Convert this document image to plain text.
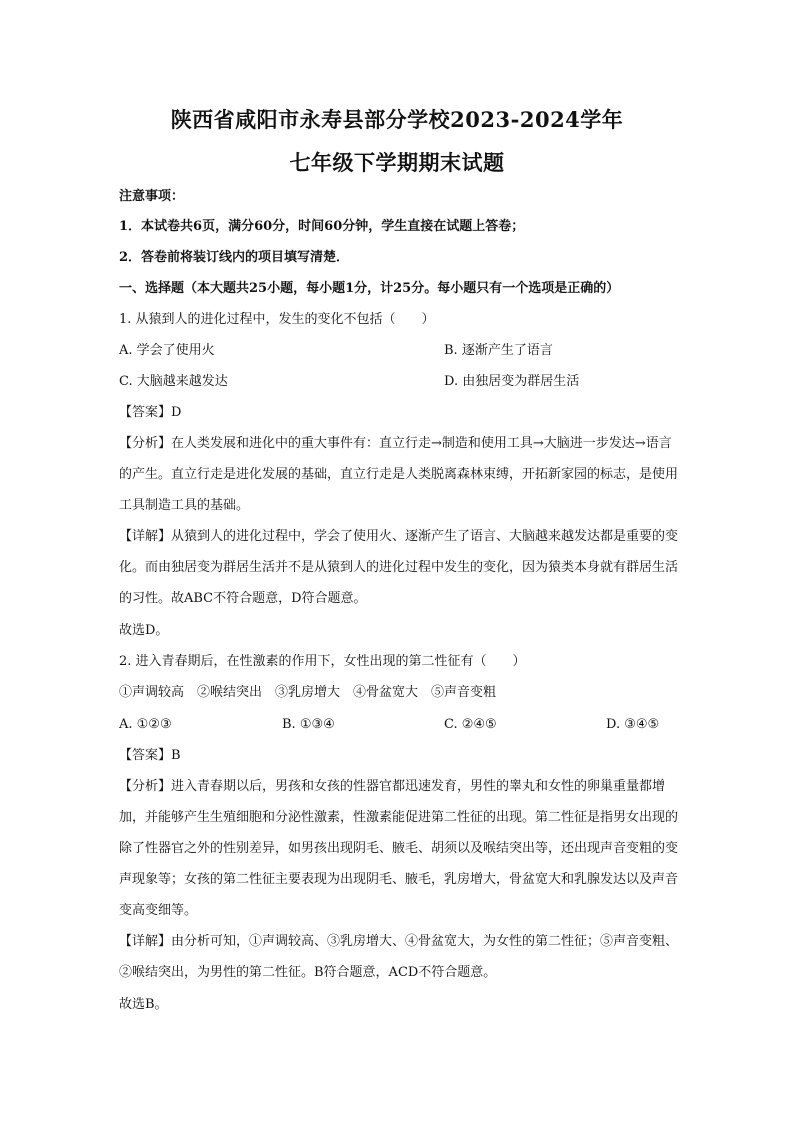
陕西省咸阳市永寿县部分学校2023-2024学年
七年级下学期期末试题
注意事项：
1．本试卷共6页，满分60分，时间60分钟，学生直接在试题上答卷；
2．答卷前将装订线内的项目填写清楚．
一、选择题（本大题共25小题，每小题1分，计25分。每小题只有一个选项是正确的）
1. 从猿到人的进化过程中，发生的变化不包括（　　）
A. 学会了使用火	B. 逐渐产生了语言
C. 大脑越来越发达	D. 由独居变为群居生活
【答案】D
【分析】在人类发展和进化中的重大事件有：直立行走→制造和使用工具→大脑进一步发达→语言的产生。直立行走是进化发展的基础，直立行走是人类脱离森林束缚，开拓新家园的标志，是使用工具制造工具的基础。
【详解】从猿到人的进化过程中，学会了使用火、逐渐产生了语言、大脑越来越发达都是重要的变化。而由独居变为群居生活并不是从猿到人的进化过程中发生的变化，因为猿类本身就有群居生活的习性。故ABC不符合题意，D符合题意。
故选D。
2. 进入青春期后，在性激素的作用下，女性出现的第二性征有（　　）
①声调较高　②喉结突出　③乳房增大　④骨盆宽大　⑤声音变粗
A. ①②③	B. ①③④	C. ②④⑤	D. ③④⑤
【答案】B
【分析】进入青春期以后，男孩和女孩的性器官都迅速发育，男性的睾丸和女性的卵巢重量都增加，并能够产生生殖细胞和分泌性激素，性激素能促进第二性征的出现。第二性征是指男女出现的除了性器官之外的性别差异，如男孩出现阴毛、腋毛、胡须以及喉结突出等，还出现声音变粗的变声现象等；女孩的第二性征主要表现为出现阴毛、腋毛，乳房增大，骨盆宽大和乳腺发达以及声音变高变细等。
【详解】由分析可知，①声调较高、③乳房增大、④骨盆宽大，为女性的第二性征；⑤声音变粗、②喉结突出，为男性的第二性征。B符合题意，ACD不符合题意。
故选B。
